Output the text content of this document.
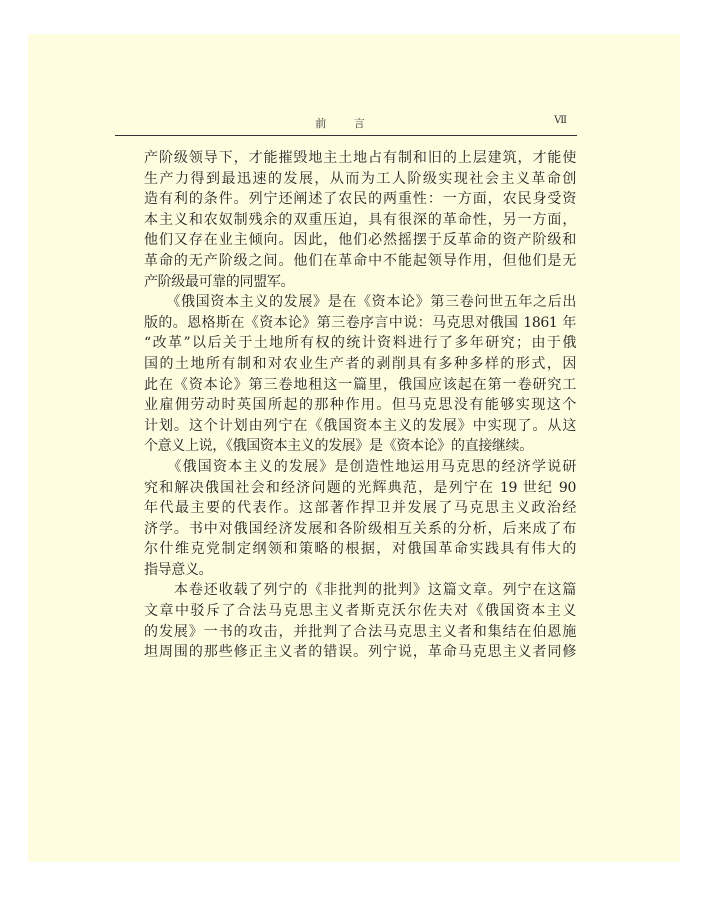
前 言	Ⅶ
产阶级领导下，才能摧毁地主土地占有制和旧的上层建筑，才能使
生产力得到最迅速的发展，从而为工人阶级实现社会主义革命创
造有利的条件。列宁还阐述了农民的两重性：一方面，农民身受资
本主义和农奴制残余的双重压迫，具有很深的革命性，另一方面，
他们又存在业主倾向。因此，他们必然摇摆于反革命的资产阶级和
革命的无产阶级之间。他们在革命中不能起领导作用，但他们是无
产阶级最可靠的同盟军。
　　《俄国资本主义的发展》是在《资本论》第三卷问世五年之后出
版的。恩格斯在《资本论》第三卷序言中说：马克思对俄国 1861 年
“改革”以后关于土地所有权的统计资料进行了多年研究；由于俄
国的土地所有制和对农业生产者的剥削具有多种多样的形式，因
此在《资本论》第三卷地租这一篇里，俄国应该起在第一卷研究工
业雇佣劳动时英国所起的那种作用。但马克思没有能够实现这个
计划。这个计划由列宁在《俄国资本主义的发展》中实现了。从这
个意义上说，《俄国资本主义的发展》是《资本论》的直接继续。
　　《俄国资本主义的发展》是创造性地运用马克思的经济学说研
究和解决俄国社会和经济问题的光辉典范，是列宁在 19 世纪 90
年代最主要的代表作。这部著作捍卫并发展了马克思主义政治经
济学。书中对俄国经济发展和各阶级相互关系的分析，后来成了布
尔什维克党制定纲领和策略的根据，对俄国革命实践具有伟大的
指导意义。
　　本卷还收载了列宁的《非批判的批判》这篇文章。列宁在这篇
文章中驳斥了合法马克思主义者斯克沃尔佐夫对《俄国资本主义
的发展》一书的攻击，并批判了合法马克思主义者和集结在伯恩施
坦周围的那些修正主义者的错误。列宁说，革命马克思主义者同修
